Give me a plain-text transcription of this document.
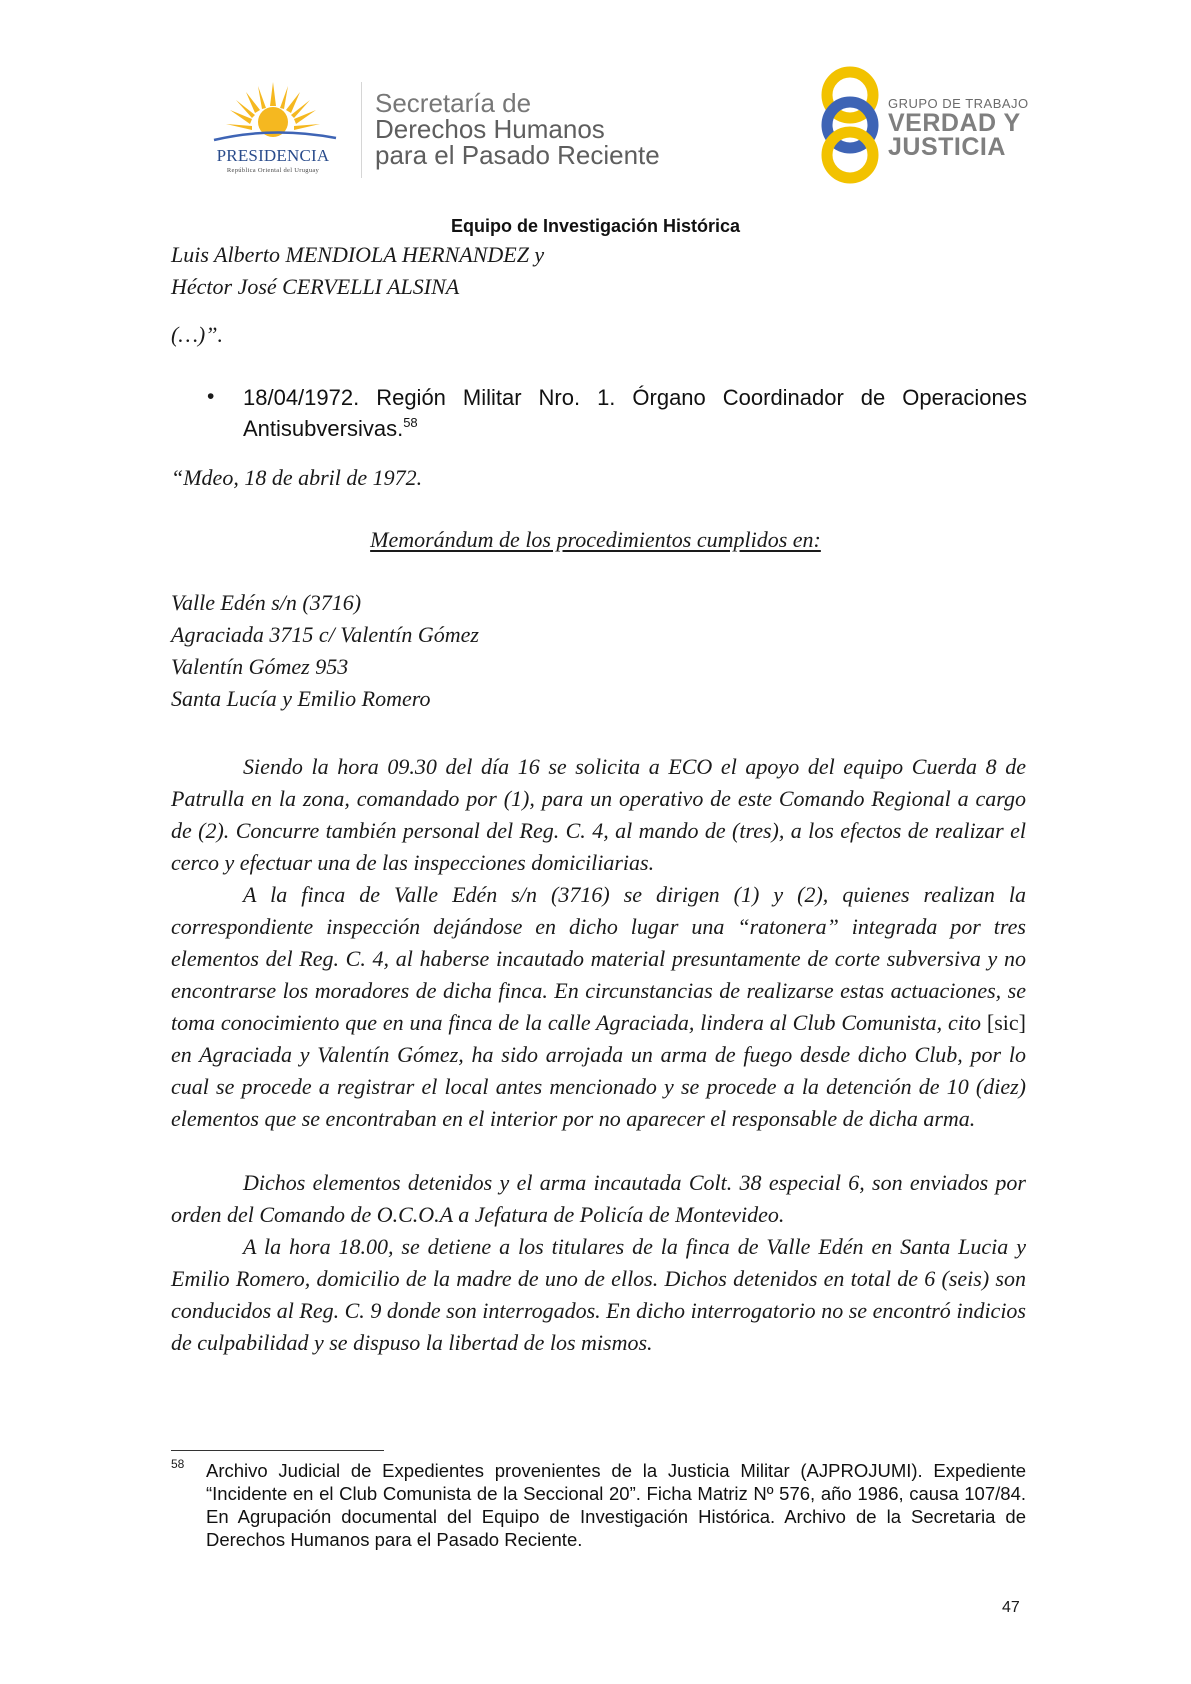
PRESIDENCIA
República Oriental del Uruguay
Secretaría de
Derechos Humanos
para el Pasado Reciente
GRUPO DE TRABAJO
VERDAD Y
JUSTICIA
Equipo de Investigación Histórica
Luis Alberto MENDIOLA HERNANDEZ y
Héctor José CERVELLI ALSINA
(…)”.
• 18/04/1972. Región Militar Nro. 1. Órgano Coordinador de Operaciones Antisubversivas.$^{58}$
“Mdeo, 18 de abril de 1972.
Memorándum de los procedimientos cumplidos en:
Valle Edén s/n (3716)
Agraciada 3715 c/ Valentín Gómez
Valentín Gómez 953
Santa Lucía y Emilio Romero

Siendo la hora 09.30 del día 16 se solicita a ECO el apoyo del equipo Cuerda 8 de Patrulla en la zona, comandado por (1), para un operativo de este Comando Regional a cargo de (2). Concurre también personal del Reg. C. 4, al mando de (tres), a los efectos de realizar el cerco y efectuar una de las inspecciones domiciliarias.

A la finca de Valle Edén s/n (3716) se dirigen (1) y (2), quienes realizan la correspondiente inspección dejándose en dicho lugar una “ratonera” integrada por tres elementos del Reg. C. 4, al haberse incautado material presuntamente de corte subversiva y no encontrarse los moradores de dicha finca. En circunstancias de realizarse estas actuaciones, se toma conocimiento que en una finca de la calle Agraciada, lindera al Club Comunista, cito [sic] en Agraciada y Valentín Gómez, ha sido arrojada un arma de fuego desde dicho Club, por lo cual se procede a registrar el local antes mencionado y se procede a la detención de 10 (diez) elementos que se encontraban en el interior por no aparecer el responsable de dicha arma.

Dichos elementos detenidos y el arma incautada Colt. 38 especial 6, son enviados por orden del Comando de O.C.O.A a Jefatura de Policía de Montevideo.

A la hora 18.00, se detiene a los titulares de la finca de Valle Edén en Santa Lucia y Emilio Romero, domicilio de la madre de uno de ellos. Dichos detenidos en total de 6 (seis) son conducidos al Reg. C. 9 donde son interrogados. En dicho interrogatorio no se encontró indicios de culpabilidad y se dispuso la libertad de los mismos.

58 Archivo Judicial de Expedientes provenientes de la Justicia Militar (AJPROJUMI). Expediente “Incidente en el Club Comunista de la Seccional 20”. Ficha Matriz Nº 576, año 1986, causa 107/84. En Agrupación documental del Equipo de Investigación Histórica. Archivo de la Secretaria de Derechos Humanos para el Pasado Reciente.
47
